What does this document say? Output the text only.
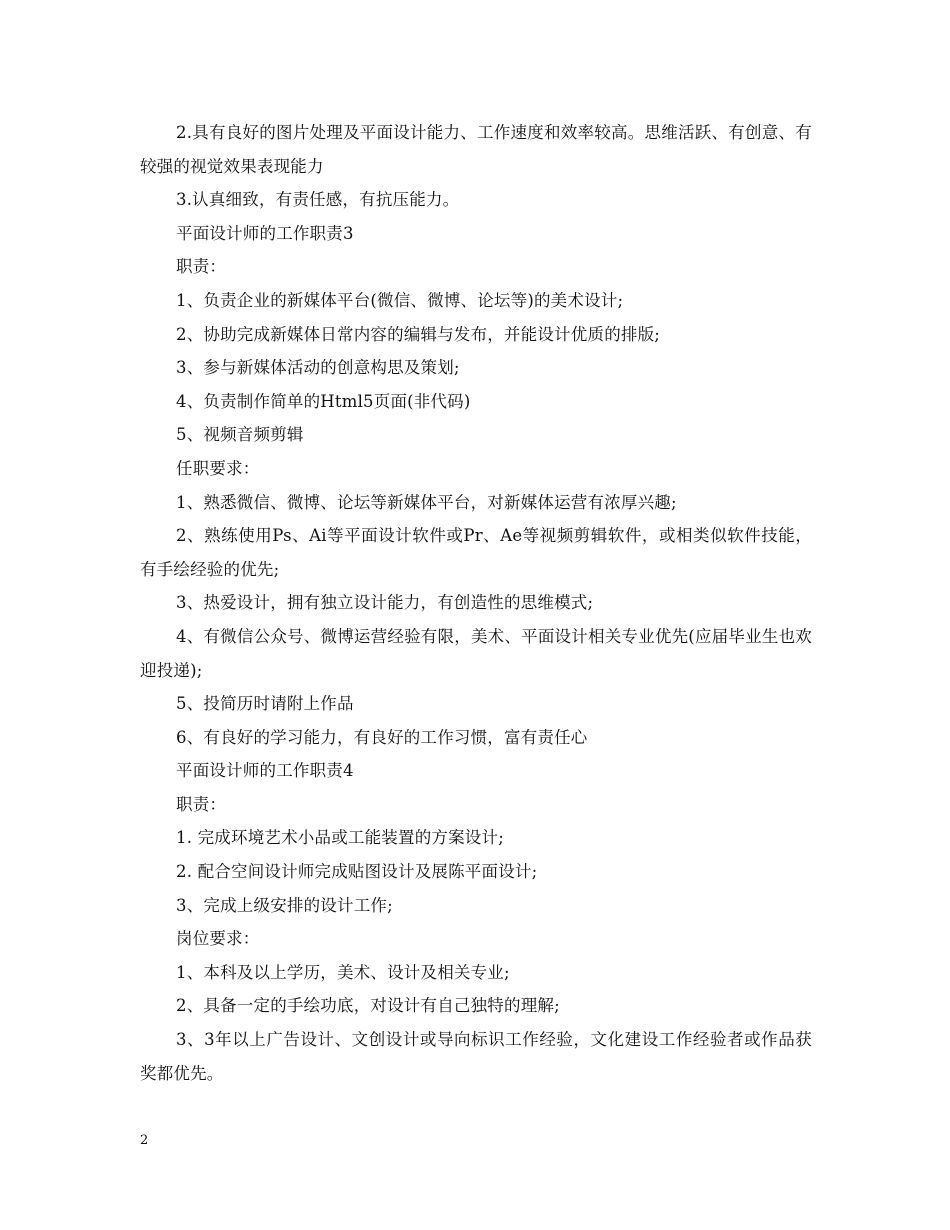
2.具有良好的图片处理及平面设计能力、工作速度和效率较高。思维活跃、有创意、有较强的视觉效果表现能力

3.认真细致，有责任感，有抗压能力。

平面设计师的工作职责3

职责：

1、负责企业的新媒体平台(微信、微博、论坛等)的美术设计;

2、协助完成新媒体日常内容的编辑与发布，并能设计优质的排版;

3、参与新媒体活动的创意构思及策划;

4、负责制作简单的Html5页面(非代码)

5、视频音频剪辑

任职要求：

1、熟悉微信、微博、论坛等新媒体平台，对新媒体运营有浓厚兴趣;

2、熟练使用Ps、Ai等平面设计软件或Pr、Ae等视频剪辑软件，或相类似软件技能，有手绘经验的优先;

3、热爱设计，拥有独立设计能力，有创造性的思维模式;

4、有微信公众号、微博运营经验有限，美术、平面设计相关专业优先(应届毕业生也欢迎投递);

5、投简历时请附上作品

6、有良好的学习能力，有良好的工作习惯，富有责任心

平面设计师的工作职责4

职责：

1. 完成环境艺术小品或工能装置的方案设计;

2. 配合空间设计师完成贴图设计及展陈平面设计;

3、完成上级安排的设计工作;

岗位要求：

1、本科及以上学历，美术、设计及相关专业;

2、具备一定的手绘功底，对设计有自己独特的理解;

3、3年以上广告设计、文创设计或导向标识工作经验，文化建设工作经验者或作品获奖都优先。

2
